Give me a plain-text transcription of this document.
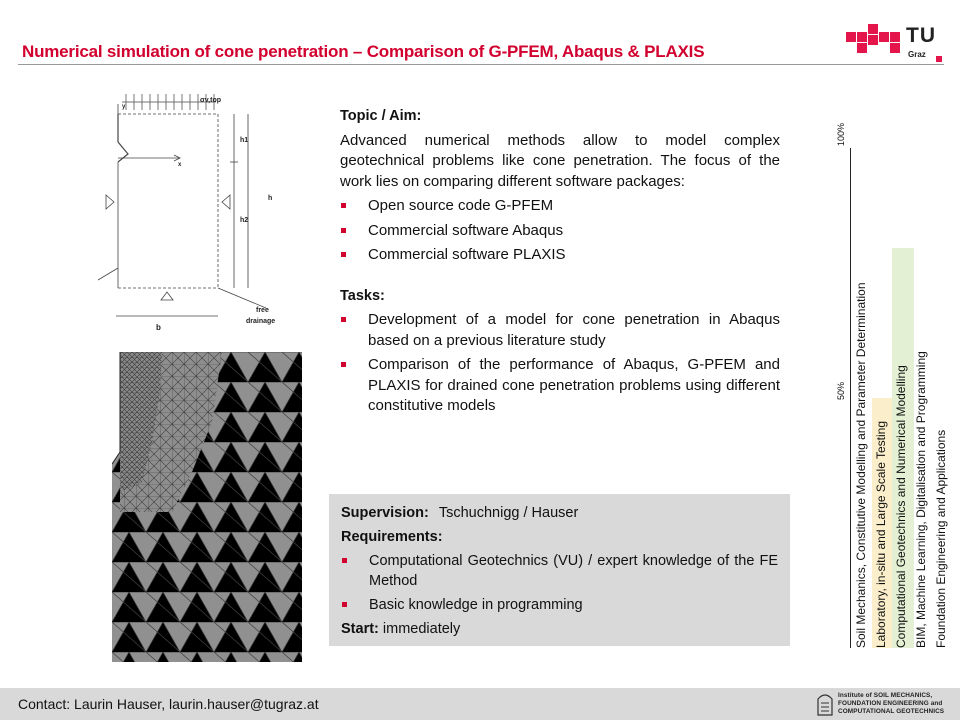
Numerical simulation of cone penetration – Comparison of G-PFEM, Abaqus & PLAXIS
TU
Graz
σv,top
h1
h2
h
b
x
y
free
drainage
Topic / Aim:

Advanced numerical methods allow to model complex geotechnical problems like cone penetration. The focus of the work lies on comparing different software packages:

Open source code G-PFEM
Commercial software Abaqus
Commercial software PLAXIS
Tasks:
Development of a model for cone penetration in Abaqus based on a previous literature study
Comparison of the performance of Abaqus, G-PFEM and PLAXIS for drained cone penetration problems using different constitutive models
Supervision: Tschuchnigg / Hauser
Requirements:
Computational Geotechnics (VU) / expert knowledge of the FE Method
Basic knowledge in programming
Start: immediately
100%
50% Soil Mechanics, Constitutive Modelling and Parameter Determination Laboratory, in-situ and Large Scale Testing Computational Geotechnics and Numerical Modelling BIM, Machine Learning, Digitalisation and Programming Foundation Engineering and Applications
Contact: Laurin Hauser, laurin.hauser@tugraz.at
Institute of SOIL MECHANICS,
FOUNDATION ENGINEERING and
COMPUTATIONAL GEOTECHNICS
